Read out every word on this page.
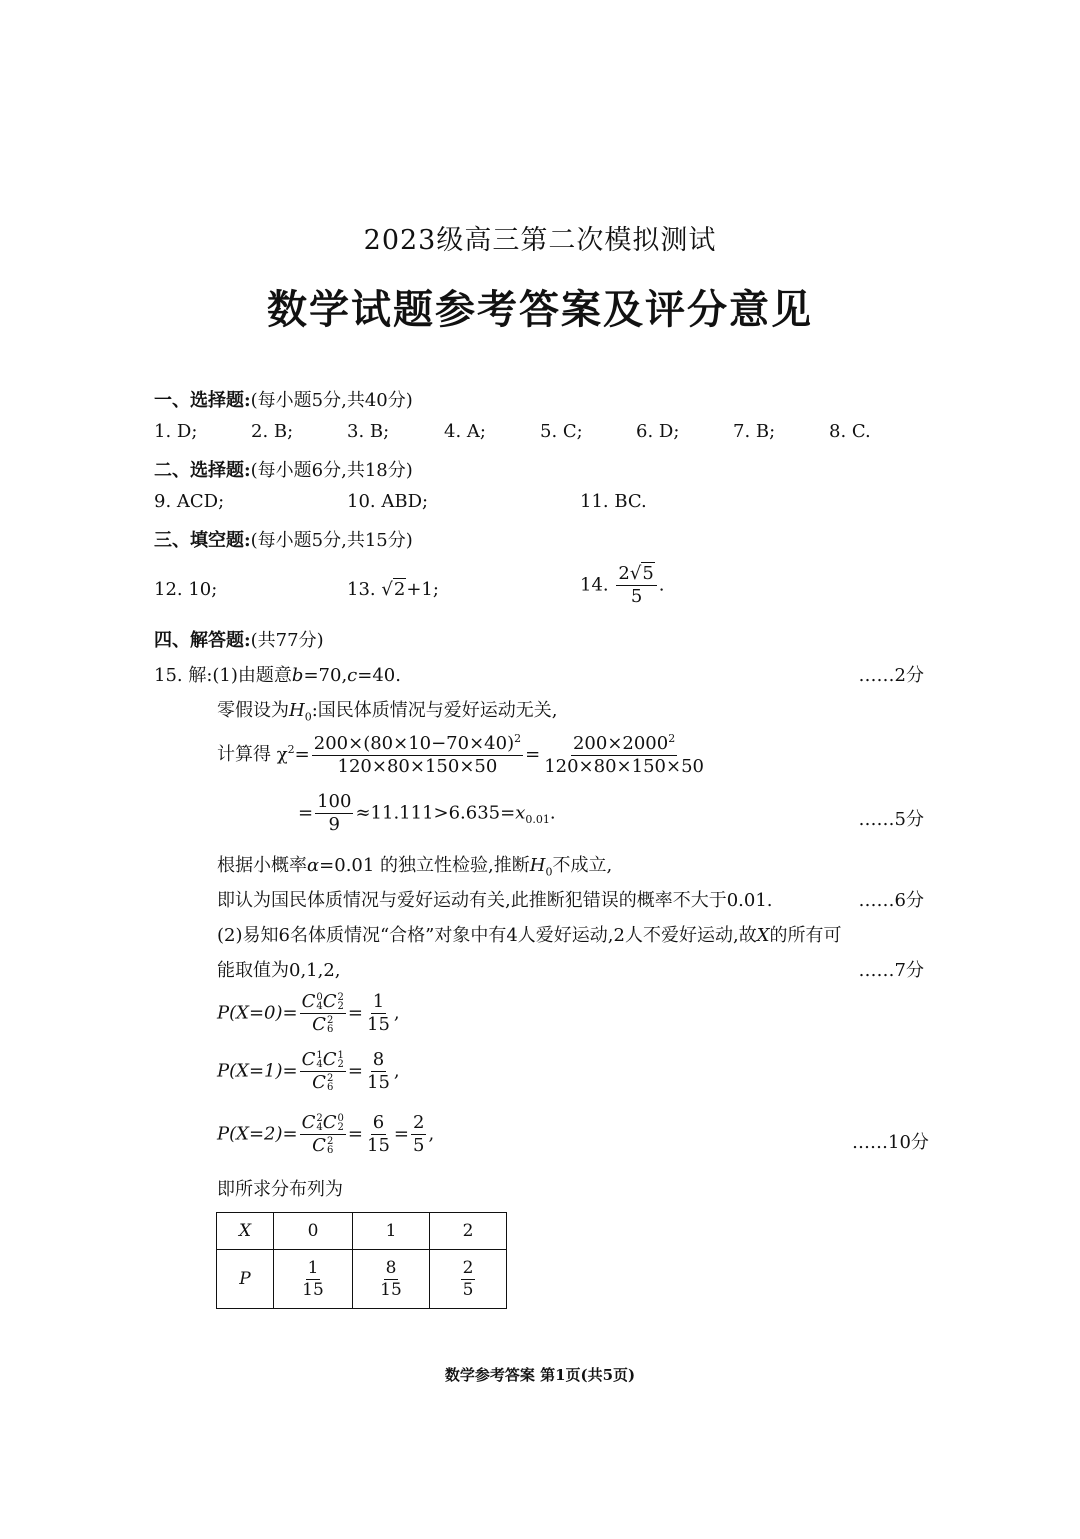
2023级高三第二次模拟测试
数学试题参考答案及评分意见
一、选择题:(每小题5分,共40分)
1. D;	2. B;	3. B;	4. A;	5. C;	6. D;	7. B;	8. C.
二、选择题:(每小题6分,共18分)
9. ACD;	10. ABD;	11. BC.
三、填空题:(每小题5分,共15分)
12. 10;	13. √2+1;	14. $\frac{2√5}{5}$ .
四、解答题:(共77分)
15. 解:(1)由题意b=70,c=40.	……2分
零假设为$H_0$:国民体质情况与爱好运动无关,
计算得 $\chi^2= \frac{200\times(80\times 10-70\times 40)^2}{120\times 80\times 150\times 50} = \frac{200\times 2000^2}{120\times 80\times 150\times 50}$
= $\frac{100}{9} \approx 11.111>6.635=x_{0.01}$.	……5分
根据小概率α=0.01 的独立性检验,推断$H_0$不成立,
即认为国民体质情况与爱好运动有关,此推断犯错误的概率不大于0.01.	……6分
(2)易知6名体质情况“合格”对象中有4人爱好运动,2人不爱好运动,故X的所有可
能取值为0,1,2,	……7分
P(X=0)= C 0
4 C 2
2
C 2
$6 = \frac{1}{15}$ ,
P(X=1)= C 1
4 C 1
2
C 2
$6 = \frac{8}{15}$ ,
P(X=2)= C 2
4 C 0
2
C 2
$6 = \frac{6}{15} = \frac{2}{5}$ ,	……10分
即所求分布列为
X	0	1	2
P	$\frac{1}{15}$	$\frac{8}{15}$	$\frac{2}{5}$
数学参考答案 第1页(共5页)
